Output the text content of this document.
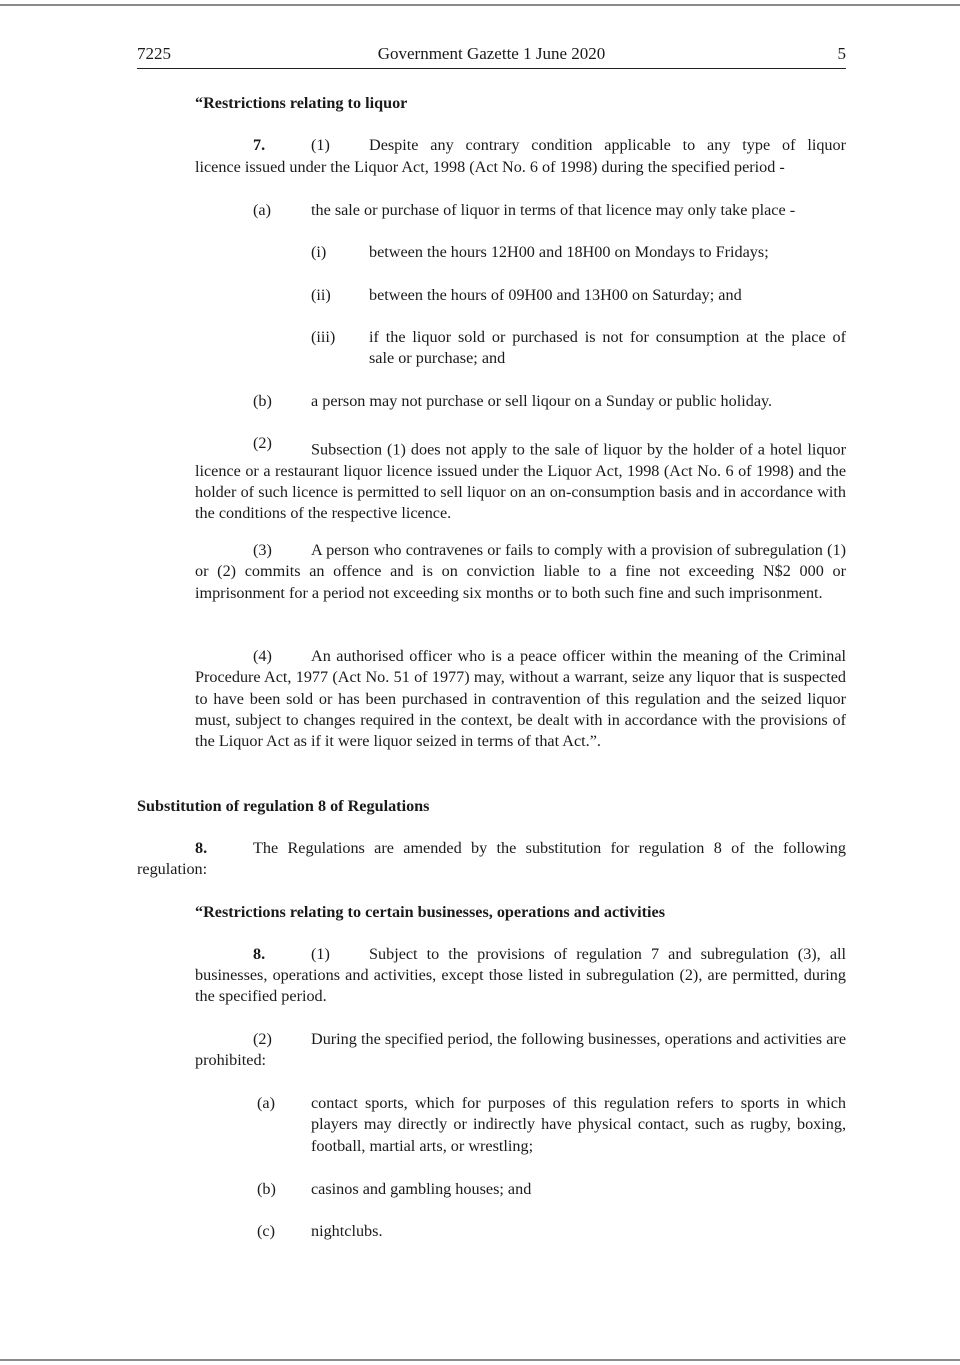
7225	Government Gazette 1 June 2020	5
“Restrictions relating to liquor
7.	(1) Despite any contrary condition applicable to any type of liquor
licence issued under the Liquor Act, 1998 (Act No. 6 of 1998) during the specified period -
(a) the sale or purchase of liquor in terms of that licence may only take place -
(i)	between the hours 12H00 and 18H00 on Mondays to Fridays;
(ii) between the hours of 09H00 and 13H00 on Saturday; and
(iii) if the liquor sold or purchased is not for consumption at the place of
sale or purchase; and
(b) a person may not purchase or sell liqour on a Sunday or public holiday.
Subsection (1) does not apply to the sale of liquor by the holder of a hotel liquor licence or a restaurant liquor licence issued under the Liquor Act, 1998 (Act No. 6 of 1998) and the holder of such licence is permitted to sell liquor on an on-consumption basis and in accordance with the conditions of the respective licence.
A person who contravenes or fails to comply with a provision of subregulation (1) or (2) commits an offence and is on conviction liable to a fine not exceeding N$2 000 or imprisonment for a period not exceeding six months or to both such fine and such imprisonment.
An authorised officer who is a peace officer within the meaning of the Criminal Procedure Act, 1977 (Act No. 51 of 1977) may, without a warrant, seize any liquor that is suspected to have been sold or has been purchased in contravention of this regulation and the seized liquor must, subject to changes required in the context, be dealt with in accordance with the provisions of the Liquor Act as if it were liquor seized in terms of that Act.”.
(2)
(3)
(4)
Substitution of regulation 8 of Regulations
8.	The Regulations are amended by the substitution for regulation 8 of the following
regulation:
“Restrictions relating to certain businesses, operations and activities
8.	(1) Subject to the provisions of regulation 7 and subregulation (3), all
businesses, operations and activities, except those listed in subregulation (2), are permitted, during the specified period.
(2)	During the specified period, the following businesses, operations and activities are prohibited:
(a) contact sports, which for purposes of this regulation refers to sports in which players may directly or indirectly have physical contact, such as rugby, boxing, football, martial arts, or wrestling;
(b) casinos and gambling houses; and
(c) nightclubs.
